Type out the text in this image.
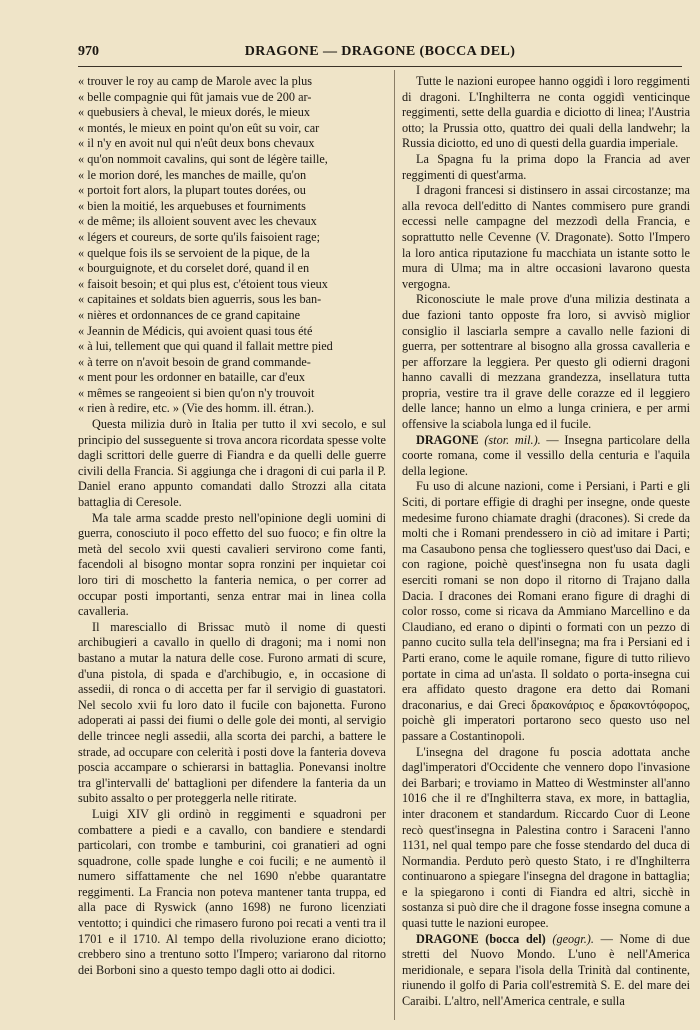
970	DRAGONE — DRAGONE (BOCCA DEL)
« trouver le roy au camp de Marole avec la plus
« belle compagnie qui fût jamais vue de 200 ar-
« quebusiers à cheval, le mieux dorés, le mieux
« montés, le mieux en point qu'on eût su voir, car
« il n'y en avoit nul qui n'eût deux bons chevaux
« qu'on nommoit cavalins, qui sont de légère taille,
« le morion doré, les manches de maille, qu'on
« portoit fort alors, la plupart toutes dorées, ou
« bien la moitié, les arquebuses et fourniments
« de même; ils alloient souvent avec les chevaux
« légers et coureurs, de sorte qu'ils faisoient rage;
« quelque fois ils se servoient de la pique, de la
« bourguignote, et du corselet doré, quand il en
« faisoit besoin; et qui plus est, c'étoient tous vieux
« capitaines et soldats bien aguerris, sous les ban-
« nières et ordonnances de ce grand capitaine
« Jeannin de Médicis, qui avoient quasi tous été
« à lui, tellement que qui quand il fallait mettre pied
« à terre on n'avoit besoin de grand commande-
« ment pour les ordonner en bataille, car d'eux
« mêmes se rangeoient si bien qu'on n'y trouvoit
« rien à redire, etc. » (Vie des homm. ill. étran.).

Questa milizia durò in Italia per tutto il xvi secolo, e sul principio del susseguente si trova ancora ricordata spesse volte dagli scrittori delle guerre di Fiandra e da quelli delle guerre civili della Francia. Si aggiunga che i dragoni di cui parla il P. Daniel erano appunto comandati dallo Strozzi alla citata battaglia di Ceresole.

Ma tale arma scadde presto nell'opinione degli uomini di guerra, conosciuto il poco effetto del suo fuoco; e fin oltre la metà del secolo xvii questi cavalieri servirono come fanti, facendoli al bisogno montar sopra ronzini per inquietar coi loro tiri di moschetto la fanteria nemica, o per correr ad occupar posti importanti, senza entrar mai in linea colla cavalleria.

Il maresciallo di Brissac mutò il nome di questi archibugieri a cavallo in quello di dragoni; ma i nomi non bastano a mutar la natura delle cose. Furono armati di scure, d'una pistola, di spada e d'archibugio, e, in occasione di assedii, di ronca o di accetta per far il servigio di guastatori. Nel secolo xvii fu loro dato il fucile con bajonetta. Furono adoperati ai passi dei fiumi o delle gole dei monti, al servigio delle trincee negli assedii, alla scorta dei parchi, a battere le strade, ad occupare con celerità i posti dove la fanteria doveva poscia accampare o schierarsi in battaglia. Ponevansi inoltre tra gl'intervalli de' battaglioni per difendere la fanteria da un subito assalto o per proteggerla nelle ritirate.

Luigi XIV gli ordinò in reggimenti e squadroni per combattere a piedi e a cavallo, con bandiere e stendardi particolari, con trombe e tamburini, coi granatieri ad ogni squadrone, colle spade lunghe e coi fucili; e ne aumentò il numero siffattamente che nel 1690 n'ebbe quarantatre reggimenti. La Francia non poteva mantener tanta truppa, ed alla pace di Ryswick (anno 1698) ne furono licenziati ventotto; i quindici che rimasero furono poi recati a venti tra il 1701 e il 1710. Al tempo della rivoluzione erano diciotto; crebbero sino a trentuno sotto l'Impero; variarono dal ritorno dei Borboni sino a questo tempo dagli otto ai dodici.

Tutte le nazioni europee hanno oggidì i loro reggimenti di dragoni. L'Inghilterra ne conta oggidì venticinque reggimenti, sette della guardia e diciotto di linea; l'Austria otto; la Prussia otto, quattro dei quali della landwehr; la Russia diciotto, ed uno di questi della guardia imperiale.

La Spagna fu la prima dopo la Francia ad aver reggimenti di quest'arma.

I dragoni francesi si distinsero in assai circostanze; ma alla revoca dell'editto di Nantes commisero pure grandi eccessi nelle campagne del mezzodì della Francia, e soprattutto nelle Cevenne (V. Dragonate). Sotto l'Impero la loro antica riputazione fu macchiata un istante sotto le mura di Ulma; ma in altre occasioni lavarono questa vergogna.

Riconosciute le male prove d'una milizia destinata a due fazioni tanto opposte fra loro, si avvisò miglior consiglio il lasciarla sempre a cavallo nelle fazioni di guerra, per sottentrare al bisogno alla grossa cavalleria e per afforzare la leggiera. Per questo gli odierni dragoni hanno cavalli di mezzana grandezza, insellatura tutta propria, vestire tra il grave delle corazze ed il leggiero delle lance; hanno un elmo a lunga criniera, e per armi offensive la sciabola lunga ed il fucile.

DRAGONE (stor. mil.). — Insegna particolare della coorte romana, come il vessillo della centuria e l'aquila della legione.

Fu uso di alcune nazioni, come i Persiani, i Parti e gli Sciti, di portare effigie di draghi per insegne, onde queste medesime furono chiamate draghi (dracones). Si crede da molti che i Romani prendessero in ciò ad imitare i Parti; ma Casaubono pensa che togliessero quest'uso dai Daci, e con ragione, poichè quest'insegna non fu usata dagli eserciti romani se non dopo il ritorno di Trajano dalla Dacia. I dracones dei Romani erano figure di draghi di color rosso, come si ricava da Ammiano Marcellino e da Claudiano, ed erano o dipinti o formati con un pezzo di panno cucito sulla tela dell'insegna; ma fra i Persiani ed i Parti erano, come le aquile romane, figure di tutto rilievo portate in cima ad un'asta. Il soldato o porta-insegna cui era affidato questo dragone era detto dai Romani draconarius, e dai Greci δρακονάριος e δρακοντόφορος, poichè gli imperatori portarono seco questo uso nel passare a Costantinopoli.

L'insegna del dragone fu poscia adottata anche dagl'imperatori d'Occidente che vennero dopo l'invasione dei Barbari; e troviamo in Matteo di Westminster all'anno 1016 che il re d'Inghilterra stava, ex more, in battaglia, inter draconem et standardum. Riccardo Cuor di Leone recò quest'insegna in Palestina contro i Saraceni l'anno 1131, nel qual tempo pare che fosse stendardo del duca di Normandia. Perduto però questo Stato, i re d'Inghilterra continuarono a spiegare l'insegna del dragone in battaglia; e la spiegarono i conti di Fiandra ed altri, sicchè in sostanza si può dire che il dragone fosse insegna comune a quasi tutte le nazioni europee.

DRAGONE (bocca del) (geogr.). — Nome di due stretti del Nuovo Mondo. L'uno è nell'America meridionale, e separa l'isola della Trinità dal continente, riunendo il golfo di Paria coll'estremità S. E. del mare dei Caraibi. L'altro, nell'America centrale, e sulla
